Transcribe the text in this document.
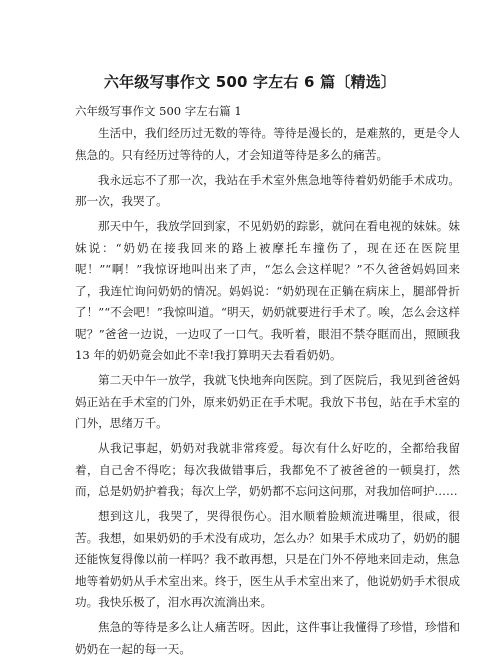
六年级写事作文 500 字左右 6 篇〔精选〕
六年级写事作文 500 字左右篇 1

生活中，我们经历过无数的等待。等待是漫长的，是难熬的，更是令人焦急的。只有经历过等待的人，才会知道等待是多么的痛苦。

我永远忘不了那一次，我站在手术室外焦急地等待着奶奶能手术成功。那一次，我哭了。

那天中午，我放学回到家，不见奶奶的踪影，就问在看电视的妹妹。妹妹说：“奶奶在接我回来的路上被摩托车撞伤了，现在还在医院里呢！”“啊！”我惊讶地叫出来了声，“怎么会这样呢？”不久爸爸妈妈回来了，我连忙询问奶奶的情况。妈妈说：“奶奶现在正躺在病床上，腿部骨折了！”“不会吧！”我惊叫道。“明天，奶奶就要进行手术了。唉，怎么会这样呢？”爸爸一边说，一边叹了一口气。我听着，眼泪不禁夺眶而出，照顾我 13 年的奶奶竟会如此不幸!我打算明天去看看奶奶。

第二天中午一放学，我就飞快地奔向医院。到了医院后，我见到爸爸妈妈正站在手术室的门外，原来奶奶正在手术呢。我放下书包，站在手术室的门外，思绪万千。

从我记事起，奶奶对我就非常疼爱。每次有什么好吃的，全都给我留着，自己舍不得吃；每次我做错事后，我都免不了被爸爸的一顿臭打，然而，总是奶奶护着我；每次上学，奶奶都不忘问这问那，对我加倍呵护……

想到这儿，我哭了，哭得很伤心。泪水顺着脸颊流进嘴里，很咸，很苦。我想，如果奶奶的手术没有成功，怎么办？如果手术成功了，奶奶的腿还能恢复得像以前一样吗？我不敢再想，只是在门外不停地来回走动，焦急地等着奶奶从手术室出来。终于，医生从手术室出来了，他说奶奶手术很成功。我快乐极了，泪水再次流淌出来。

焦急的等待是多么让人痛苦呀。因此，这件事让我懂得了珍惜，珍惜和奶奶在一起的每一天。
